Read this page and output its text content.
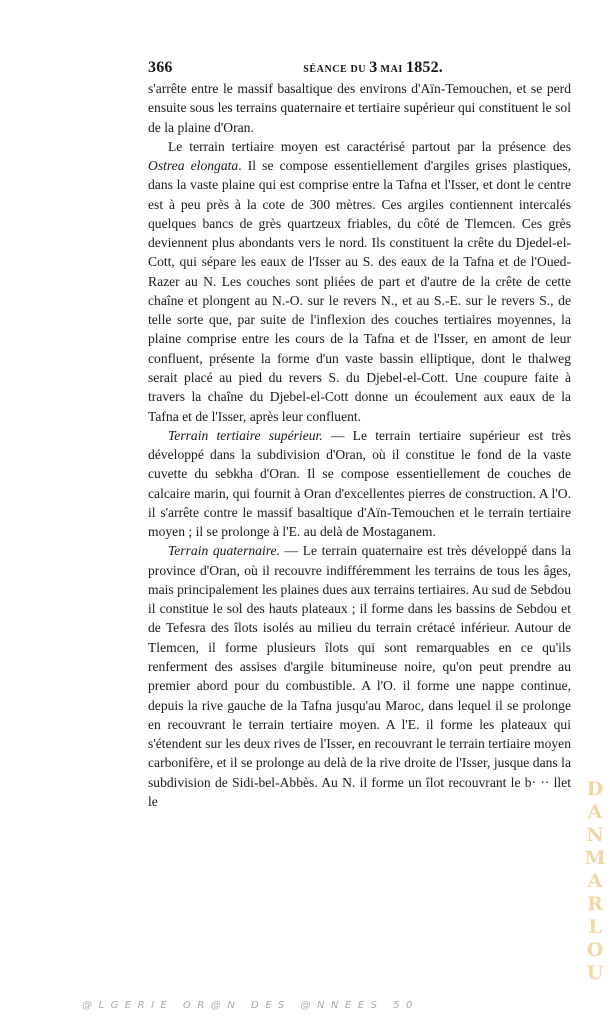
366	SÉANCE DU 3 MAI 1852.

s'arrête entre le massif basaltique des environs d'Aïn-Temouchen, et se perd ensuite sous les terrains quaternaire et tertiaire supérieur qui constituent le sol de la plaine d'Oran.

Le terrain tertiaire moyen est caractérisé partout par la présence des Ostrea elongata. Il se compose essentiellement d'argiles grises plastiques, dans la vaste plaine qui est comprise entre la Tafna et l'Isser, et dont le centre est à peu près à la cote de 300 mètres. Ces argiles contiennent intercalés quelques bancs de grès quartzeux friables, du côté de Tlemcen. Ces grès deviennent plus abondants vers le nord. Ils constituent la crête du Djedel-el-Cott, qui sépare les eaux de l'Isser au S. des eaux de la Tafna et de l'Oued-Razer au N. Les couches sont pliées de part et d'autre de la crête de cette chaîne et plongent au N.-O. sur le revers N., et au S.-E. sur le revers S., de telle sorte que, par suite de l'inflexion des couches tertiaires moyennes, la plaine comprise entre les cours de la Tafna et de l'Isser, en amont de leur confluent, présente la forme d'un vaste bassin elliptique, dont le thalweg serait placé au pied du revers S. du Djebel-el-Cott. Une coupure faite à travers la chaîne du Djebel-el-Cott donne un écoulement aux eaux de la Tafna et de l'Isser, après leur confluent.

Terrain tertiaire supérieur. — Le terrain tertiaire supérieur est très développé dans la subdivision d'Oran, où il constitue le fond de la vaste cuvette du sebkha d'Oran. Il se compose essentiellement de couches de calcaire marin, qui fournit à Oran d'excellentes pierres de construction. A l'O. il s'arrête contre le massif basaltique d'Aïn-Temouchen et le terrain tertiaire moyen ; il se prolonge à l'E. au delà de Mostaganem.

Terrain quaternaire. — Le terrain quaternaire est très développé dans la province d'Oran, où il recouvre indifféremment les terrains de tous les âges, mais principalement les plaines dues aux terrains tertiaires. Au sud de Sebdou il constitue le sol des hauts plateaux ; il forme dans les bassins de Sebdou et de Tefesra des îlots isolés au milieu du terrain crétacé inférieur. Autour de Tlemcen, il forme plusieurs îlots qui sont remarquables en ce qu'ils renferment des assises d'argile bitumineuse noire, qu'on peut prendre au premier abord pour du combustible. A l'O. il forme une nappe continue, depuis la rive gauche de la Tafna jusqu'au Maroc, dans lequel il se prolonge en recouvrant le terrain tertiaire moyen. A l'E. il forme les plateaux qui s'étendent sur les deux rives de l'Isser, en recouvrant le terrain tertiaire moyen carbonifère, et il se prolonge au delà de la rive droite de l'Isser, jusque dans la subdivision de Sidi-bel-Abbès. Au N. il forme un îlot recouvrant le b· ·· llet le

D
A
N
M
A
R
L
O
U
@LGERIE OR@N DES @NNEES 50
